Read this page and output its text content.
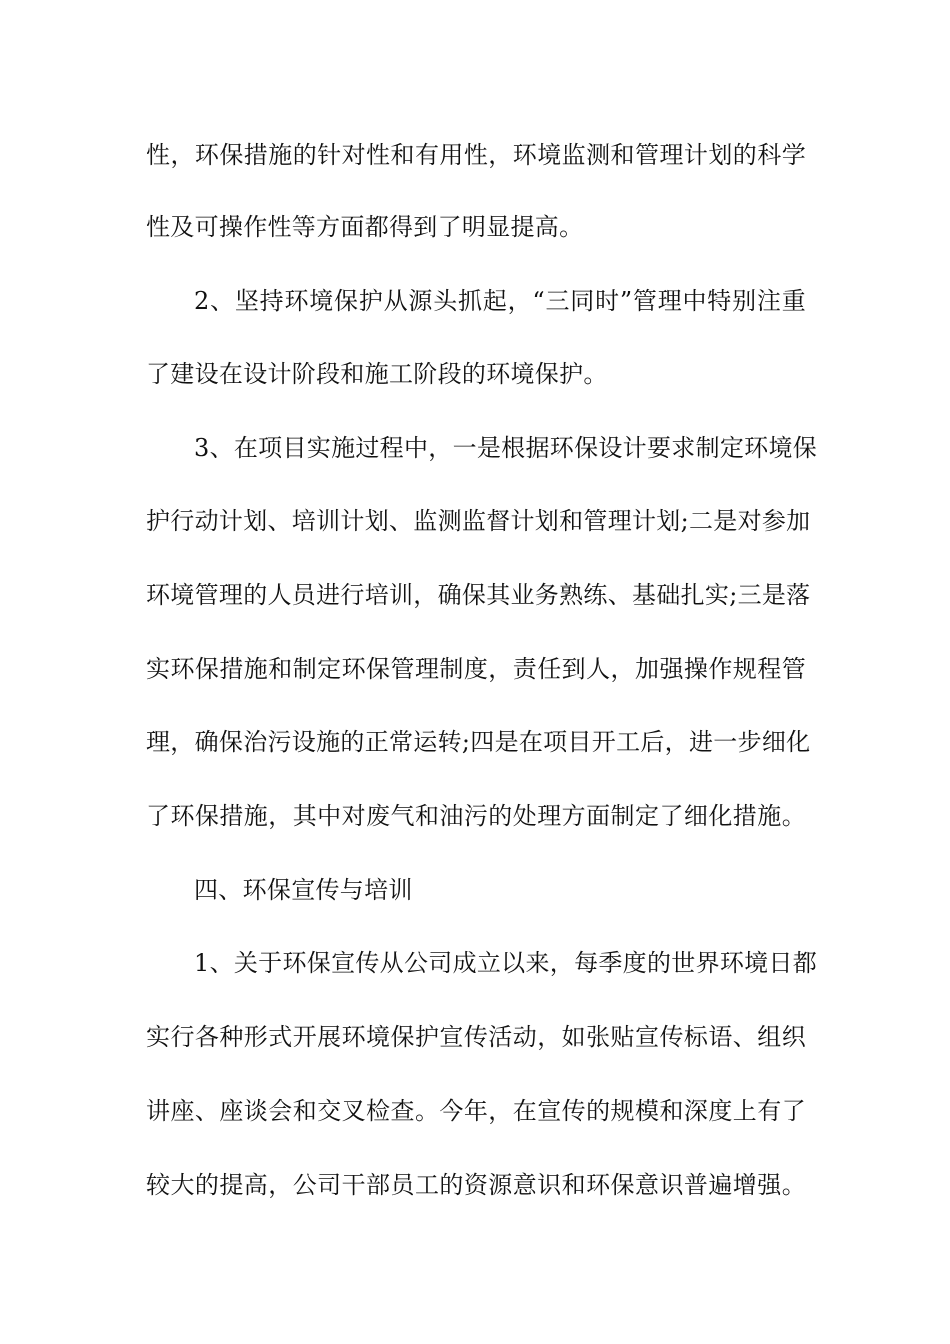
性，环保措施的针对性和有用性，环境监测和管理计划的科学
性及可操作性等方面都得到了明显提高。
2、坚持环境保护从源头抓起，“三同时”管理中特别注重
了建设在设计阶段和施工阶段的环境保护。
3、在项目实施过程中，一是根据环保设计要求制定环境保
护行动计划、培训计划、监测监督计划和管理计划;二是对参加
环境管理的人员进行培训，确保其业务熟练、基础扎实;三是落
实环保措施和制定环保管理制度，责任到人，加强操作规程管
理，确保治污设施的正常运转;四是在项目开工后，进一步细化
了环保措施，其中对废气和油污的处理方面制定了细化措施。
四、环保宣传与培训
1、关于环保宣传从公司成立以来，每季度的世界环境日都
实行各种形式开展环境保护宣传活动，如张贴宣传标语、组织
讲座、座谈会和交叉检查。今年，在宣传的规模和深度上有了
较大的提高，公司干部员工的资源意识和环保意识普遍增强。
